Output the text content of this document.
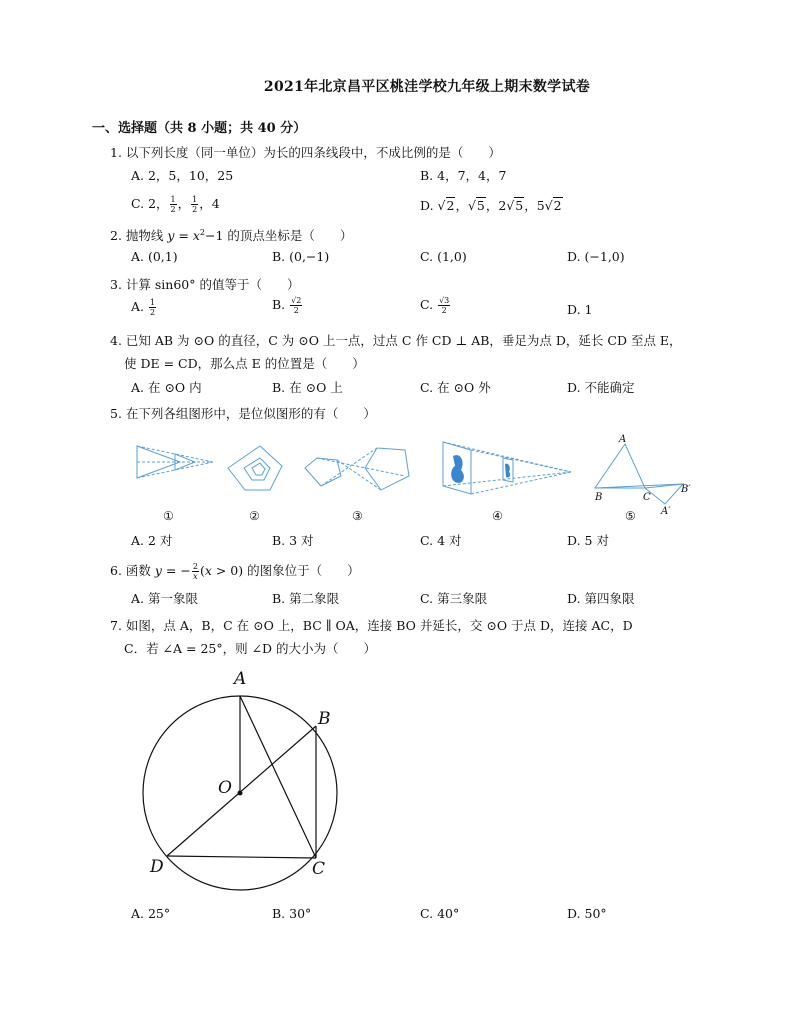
2021年北京昌平区桃洼学校九年级上期末数学试卷
一、选择题（共 8 小题；共 40 分）
1. 以下列长度（同一单位）为长的四条线段中，不成比例的是（　　）
A. 2，5，10，25	B. 4，7，4，7
C. 2， $\frac{1}{2}$ ， $\frac{1}{2}$ ，4	D. √2，√5，2√5，5√2
2. 抛物线 $y = x^2-1$ 的顶点坐标是（　　）
A. (0,1)	B. (0,−1)	C. (1,0)	D. (−1,0)
3. 计算 sin60° 的值等于（　　）
A. $\frac{1}{2}$	B. $\frac{√2}{2}$	C. $\frac{√3}{2}$	D. 1
4. 已知 AB 为 ⊙O 的直径，C 为 ⊙O 上一点，过点 C 作 CD ⊥ AB，垂足为点 D，延长 CD 至点 E，
使 DE = CD，那么点 E 的位置是（　　）
A. 在 ⊙O 内	B. 在 ⊙O 上	C. 在 ⊙O 外	D. 不能确定
5. 在下列各组图形中，是位似图形的有（　　）
A
B	C
B′
A′
①	②	③	④	⑤
A. 2 对	B. 3 对	C. 4 对	D. 5 对
6. 函数 y = − $\frac{2}{x} (x > 0)$ 的图象位于（　　）
A. 第一象限	B. 第二象限	C. 第三象限	D. 第四象限
7. 如图，点 A，B，C 在 ⊙O 上，BC ∥ OA，连接 BO 并延长，交 ⊙O 于点 D，连接 AC，D
C．若 ∠A = 25°，则 ∠D 的大小为（　　）
A
B
O
D	C
A. 25°	B. 30°	C. 40°	D. 50°
